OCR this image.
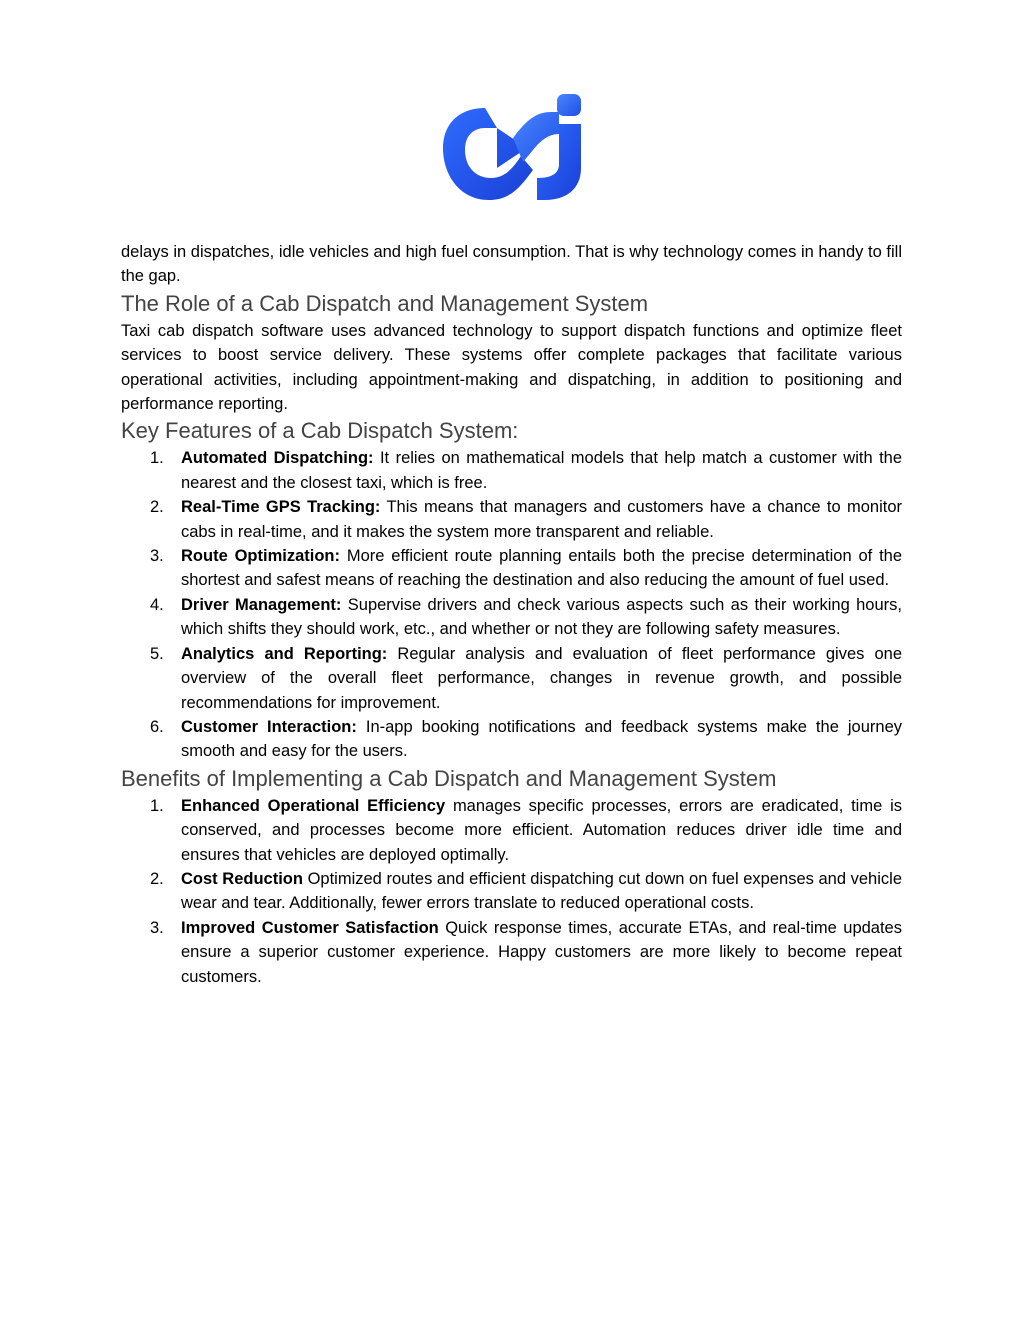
delays in dispatches, idle vehicles and high fuel consumption. That is why technology comes in handy to fill the gap.

The Role of a Cab Dispatch and Management System

Taxi cab dispatch software uses advanced technology to support dispatch functions and optimize fleet services to boost service delivery. These systems offer complete packages that facilitate various operational activities, including appointment-making and dispatching, in addition to positioning and performance reporting.

Key Features of a Cab Dispatch System:
1. Automated Dispatching: It relies on mathematical models that help match a customer with the nearest and the closest taxi, which is free.
2. Real-Time GPS Tracking: This means that managers and customers have a chance to monitor cabs in real-time, and it makes the system more transparent and reliable.
3. Route Optimization: More efficient route planning entails both the precise determination of the shortest and safest means of reaching the destination and also reducing the amount of fuel used.
4. Driver Management: Supervise drivers and check various aspects such as their working hours, which shifts they should work, etc., and whether or not they are following safety measures.
5. Analytics and Reporting: Regular analysis and evaluation of fleet performance gives one overview of the overall fleet performance, changes in revenue growth, and possible recommendations for improvement.
6. Customer Interaction: In-app booking notifications and feedback systems make the journey smooth and easy for the users.
Benefits of Implementing a Cab Dispatch and Management System
1. Enhanced Operational Efficiency manages specific processes, errors are eradicated, time is conserved, and processes become more efficient. Automation reduces driver idle time and ensures that vehicles are deployed optimally.
2. Cost Reduction Optimized routes and efficient dispatching cut down on fuel expenses and vehicle wear and tear. Additionally, fewer errors translate to reduced operational costs.
3. Improved Customer Satisfaction Quick response times, accurate ETAs, and real-time updates ensure a superior customer experience. Happy customers are more likely to become repeat customers.
